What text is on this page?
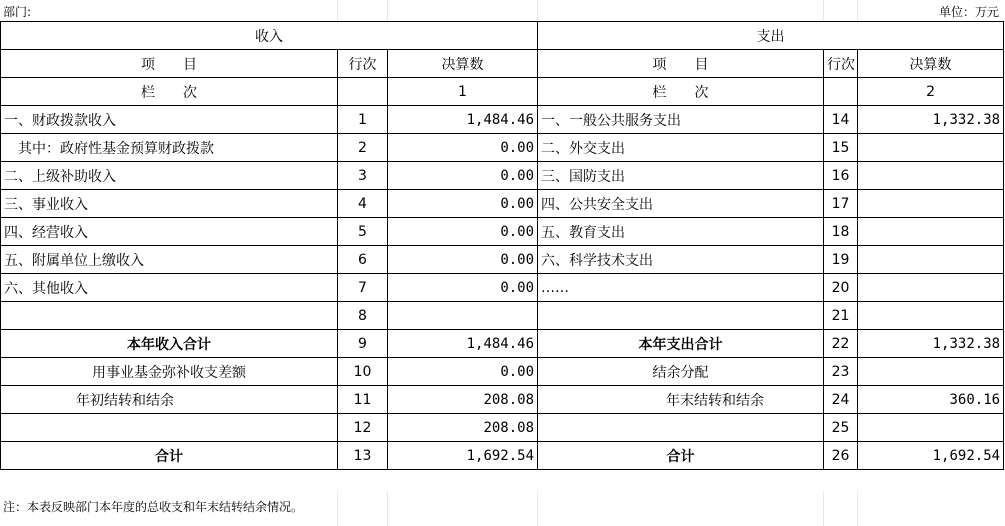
部门:	单位：万元
收入			支出		
项　　目	行次	决算数	项　　目	行次	决算数
栏　　次		1	栏　　次		2
一、财政拨款收入	1	1,484.46	一、一般公共服务支出	14	1,332.38
　其中：政府性基金预算财政拨款	2	0.00	二、外交支出	15	
二、上级补助收入	3	0.00	三、国防支出	16	
三、事业收入	4	0.00	四、公共安全支出	17	
四、经营收入	5	0.00	五、教育支出	18	
五、附属单位上缴收入	6	0.00	六、科学技术支出	19	
六、其他收入	7	0.00	……	20	
	8			21	
本年收入合计	9	1,484.46	本年支出合计	22	1,332.38
用事业基金弥补收支差额	10	0.00	结余分配	23	
年初结转和结余	11	208.08	年末结转和结余	24	360.16
	12	208.08		25	
合计	13	1,692.54	合计	26	1,692.54
注：本表反映部门本年度的总收支和年末结转结余情况。
